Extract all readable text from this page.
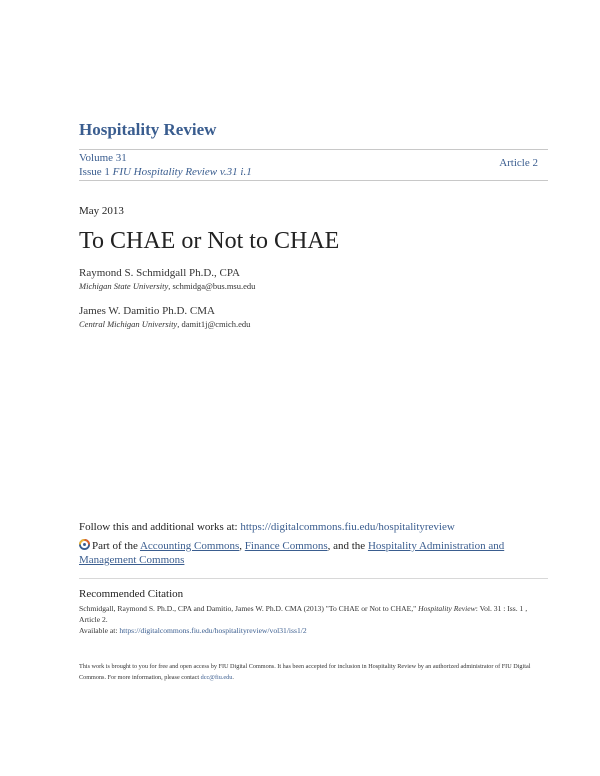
Hospitality Review
Volume 31
Issue 1 FIU Hospitality Review v.31 i.1
Article 2
May 2013
To CHAE or Not to CHAE
Raymond S. Schmidgall Ph.D., CPA
Michigan State University, schmidga@bus.msu.edu
James W. Damitio Ph.D. CMA
Central Michigan University, damit1j@cmich.edu
Follow this and additional works at: https://digitalcommons.fiu.edu/hospitalityreview
Part of the Accounting Commons, Finance Commons, and the Hospitality Administration and Management Commons
Recommended Citation
Schmidgall, Raymond S. Ph.D., CPA and Damitio, James W. Ph.D. CMA (2013) "To CHAE or Not to CHAE," Hospitality Review: Vol. 31 : Iss. 1 , Article 2.
Available at: https://digitalcommons.fiu.edu/hospitalityreview/vol31/iss1/2
This work is brought to you for free and open access by FIU Digital Commons. It has been accepted for inclusion in Hospitality Review by an authorized administrator of FIU Digital Commons. For more information, please contact dcc@fiu.edu.
